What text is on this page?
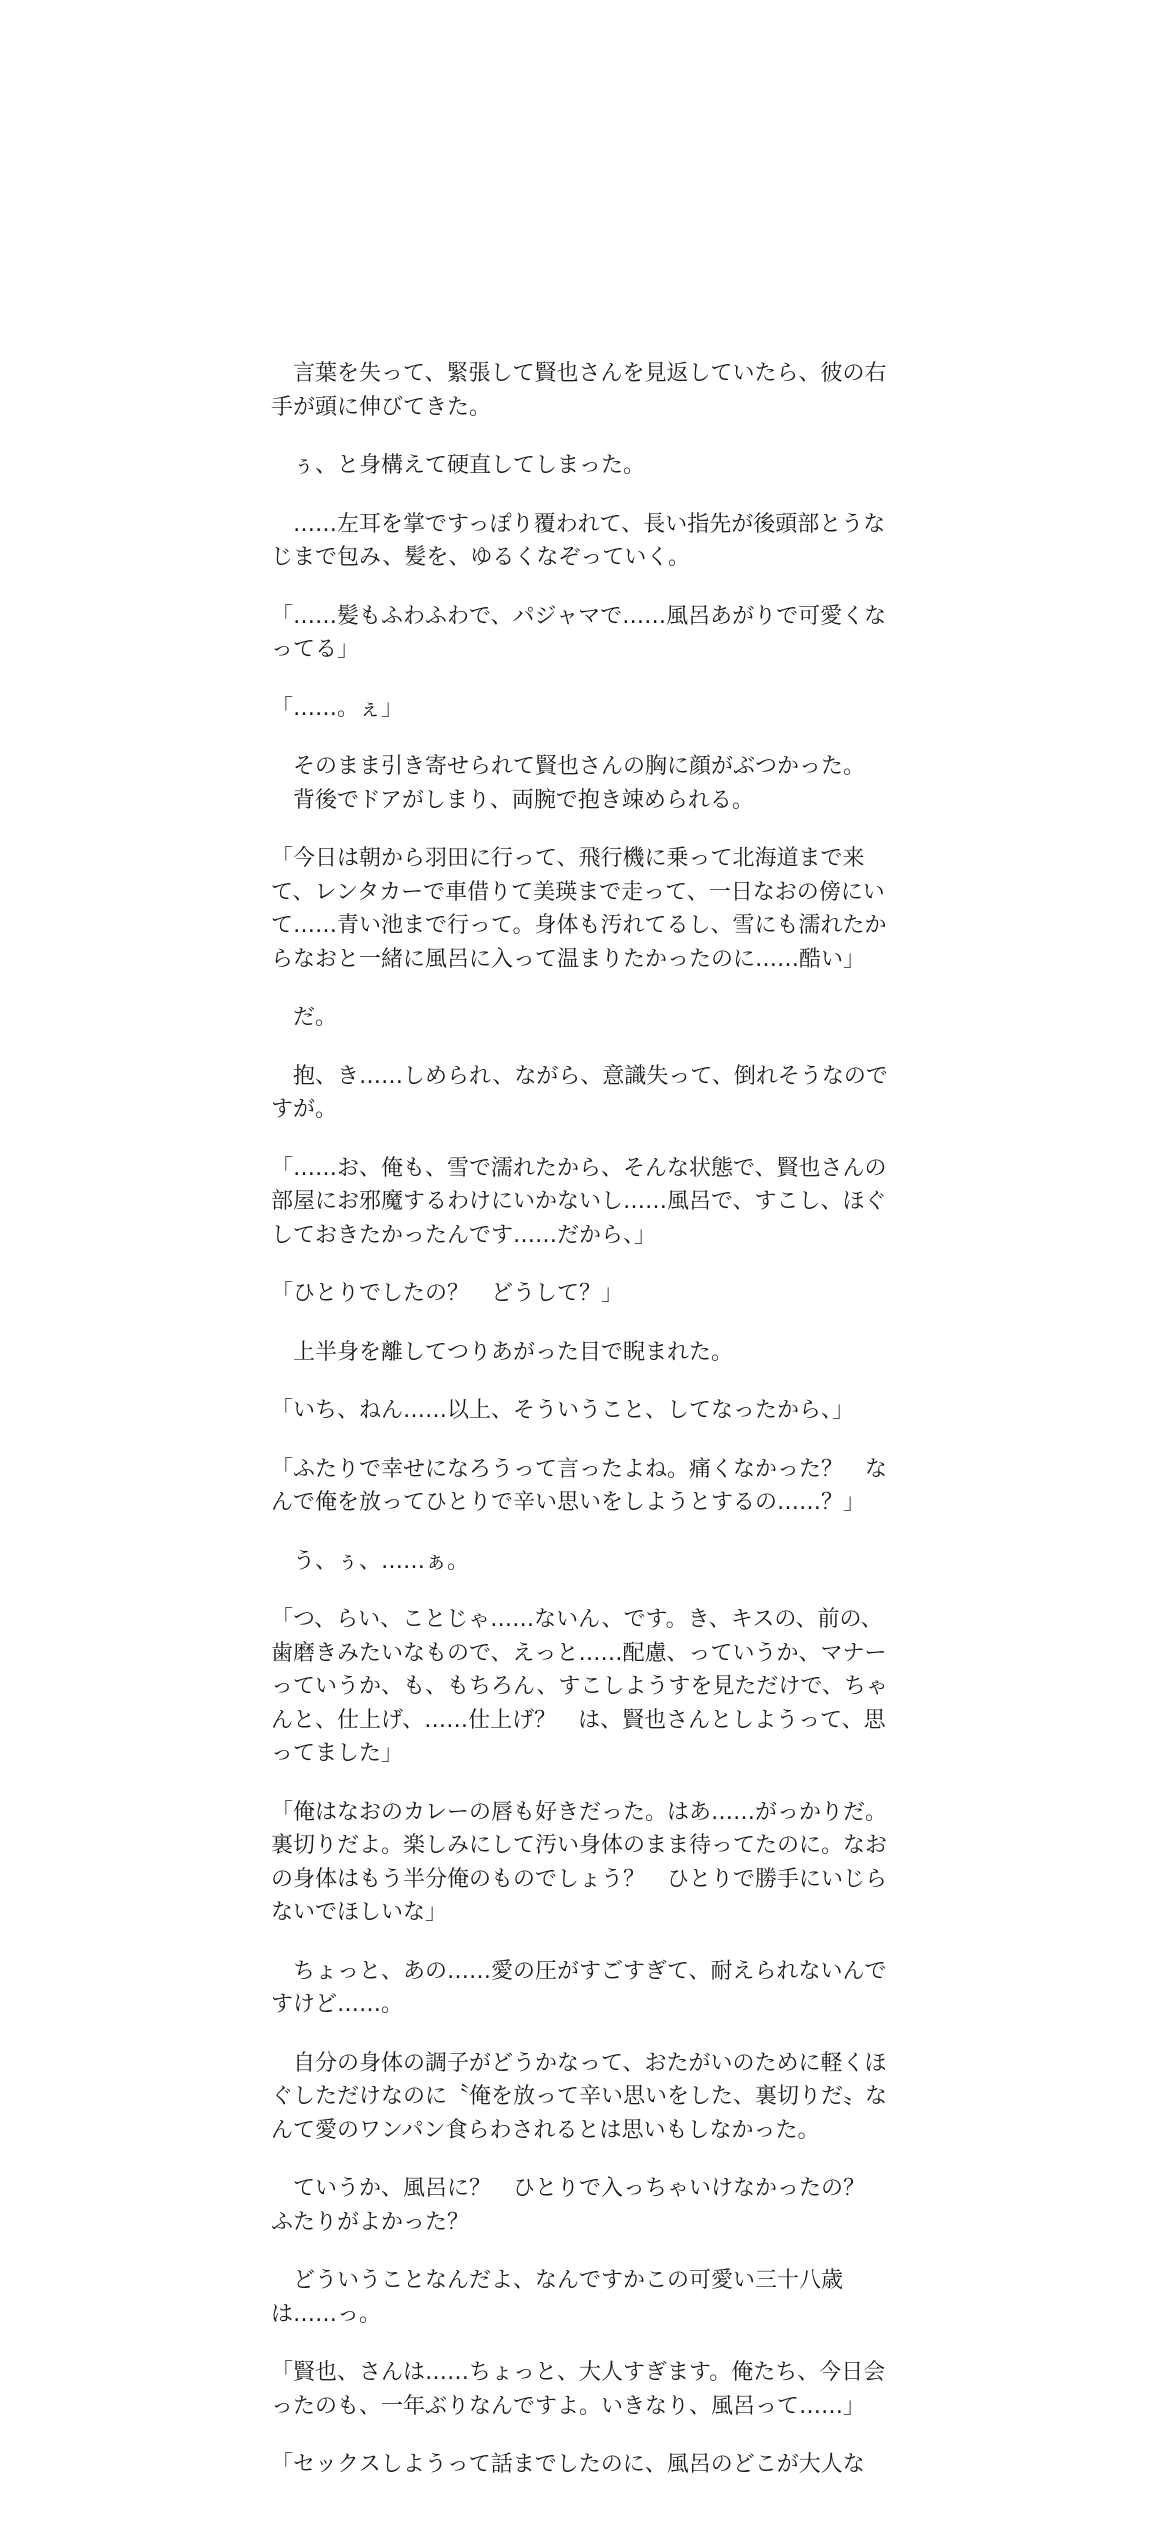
　言葉を失って、緊張して賢也さんを見返していたら、彼の右手が頭に伸びてきた。

　ぅ、と身構えて硬直してしまった。

　……左耳を掌ですっぽり覆われて、長い指先が後頭部とうなじまで包み、髪を、ゆるくなぞっていく。

「……髪もふわふわで、パジャマで……風呂あがりで可愛くなってる」

「……。ぇ」

　そのまま引き寄せられて賢也さんの胸に顔がぶつかった。
　背後でドアがしまり、両腕で抱き竦められる。

「今日は朝から羽田に行って、飛行機に乗って北海道まで来て、レンタカーで車借りて美瑛まで走って、一日なおの傍にいて……青い池まで行って。身体も汚れてるし、雪にも濡れたからなおと一緒に風呂に入って温まりたかったのに……酷い」

　だ。

　抱、き……しめられ、ながら、意識失って、倒れそうなのですが。

「……お、俺も、雪で濡れたから、そんな状態で、賢也さんの部屋にお邪魔するわけにいかないし……風呂で、すこし、ほぐしておきたかったんです……だから、」

「ひとりでしたの？　どうして？」

　上半身を離してつりあがった目で睨まれた。

「いち、ねん……以上、そういうこと、してなったから、」

「ふたりで幸せになろうって言ったよね。痛くなかった？　なんで俺を放ってひとりで辛い思いをしようとするの……？」

　う、ぅ、……ぁ。

「つ、らい、ことじゃ……ないん、です。き、キスの、前の、歯磨きみたいなもので、えっと……配慮、っていうか、マナーっていうか、も、もちろん、すこしようすを見ただけで、ちゃんと、仕上げ、……仕上げ？　は、賢也さんとしようって、思ってました」

「俺はなおのカレーの唇も好きだった。はあ……がっかりだ。裏切りだよ。楽しみにして汚い身体のまま待ってたのに。なおの身体はもう半分俺のものでしょう？　ひとりで勝手にいじらないでほしいな」

　ちょっと、あの……愛の圧がすごすぎて、耐えられないんですけど……。

　自分の身体の調子がどうかなって、おたがいのために軽くほぐしただけなのに〝俺を放って辛い思いをした、裏切りだ〟なんて愛のワンパン食らわされるとは思いもしなかった。

　ていうか、風呂に？　ひとりで入っちゃいけなかったの？　ふたりがよかった？

　どういうことなんだよ、なんですかこの可愛い三十八歳は……っ。

「賢也、さんは……ちょっと、大人すぎます。俺たち、今日会ったのも、一年ぶりなんですよ。いきなり、風呂って……」

「セックスしようって話までしたのに、風呂のどこが大人な
